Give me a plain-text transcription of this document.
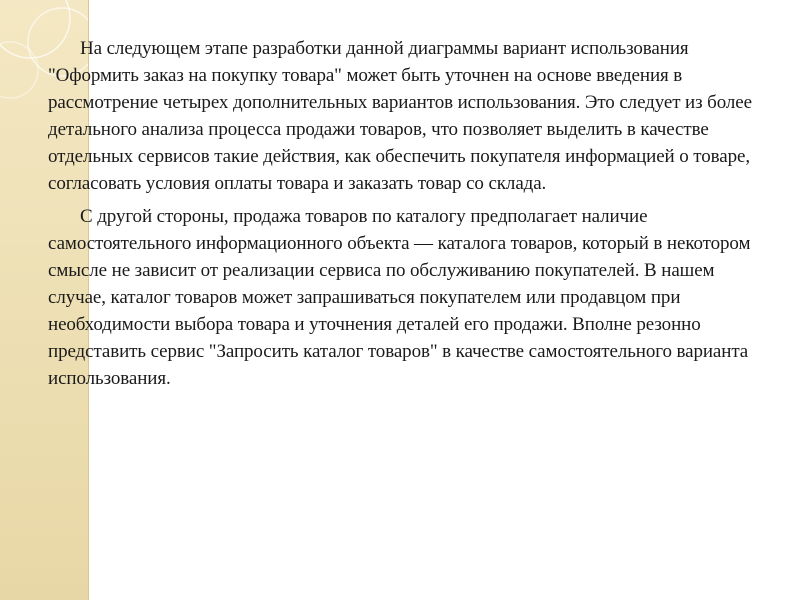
На следующем этапе разработки данной диаграммы вариант использования "Оформить заказ на покупку товара" может быть уточнен на основе введения в рассмотрение четырех дополнительных вариантов использования. Это следует из более детального анализа процесса продажи товаров, что позволяет выделить в качестве отдельных сервисов такие действия, как обеспечить покупателя информацией о товаре, согласовать условия оплаты товара и заказать товар со склада.

С другой стороны, продажа товаров по каталогу предполагает наличие самостоятельного информационного объекта — каталога товаров, который в некотором смысле не зависит от реализации сервиса по обслуживанию покупателей. В нашем случае, каталог товаров может запрашиваться покупателем или продавцом при необходимости выбора товара и уточнения деталей его продажи. Вполне резонно представить сервис "Запросить каталог товаров" в качестве самостоятельного варианта использования.
